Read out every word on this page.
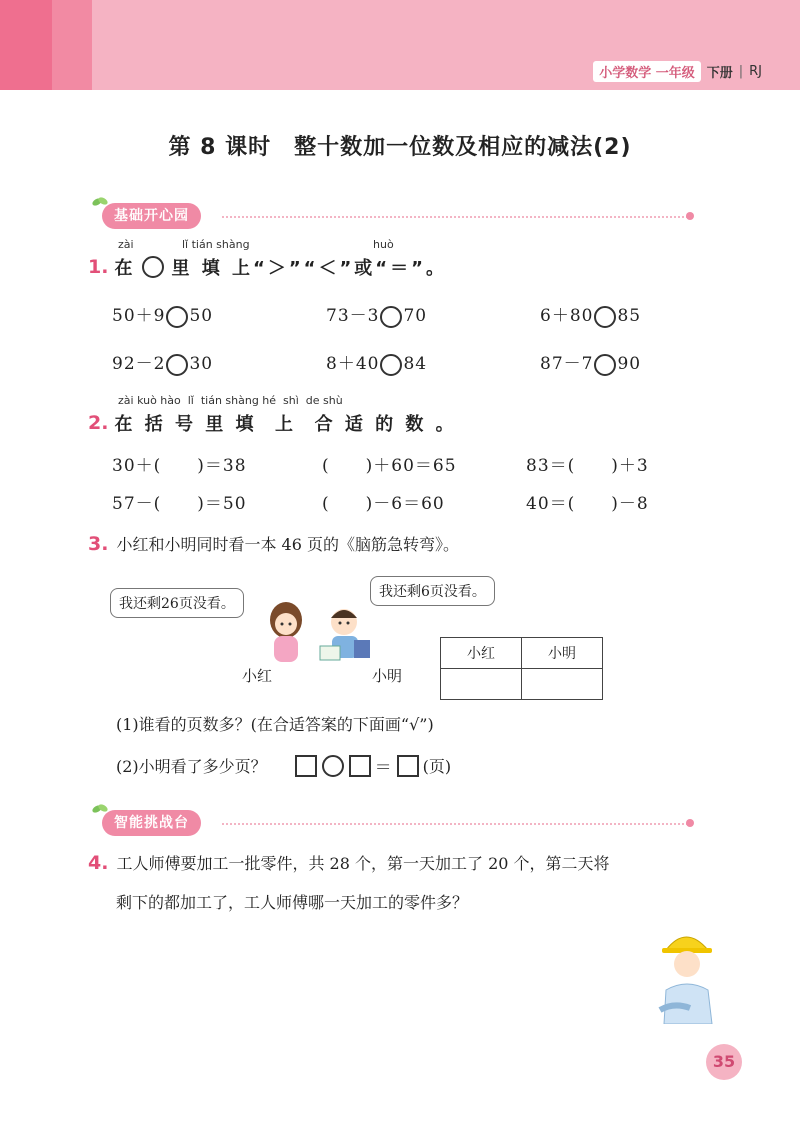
小学数学 一年级 下册 | RJ
第 8 课时　整十数加一位数及相应的减法(2)
基础开心园
zài	lǐ tián shàng	huò
1. 在 里 填 上“＞”“＜”或“＝”。
50＋9 50	73－3 70	6＋80 85
92－2 30	8＋40 84	87－7 90
zài kuò hào  lǐ  tián shàng hé  shì  de shù
2. 在 括 号 里 填  上  合 适 的 数 。
30＋(　　)＝38	(　　)＋60＝65	83＝(　　)＋3
57－(　　)＝50	(　　)－6＝60	40＝(　　)－8
3. 小红和小明同时看一本 46 页的《脑筋急转弯》。
我还剩26页没看。
我还剩6页没看。
小红	小明
小红	小明

(1)谁看的页数多？(在合适答案的下面画“√”)
(2)小明看了多少页？	＝ (页)
智能挑战台
4. 工人师傅要加工一批零件，共 28 个，第一天加工了 20 个，第二天将
剩下的都加工了，工人师傅哪一天加工的零件多？
35
